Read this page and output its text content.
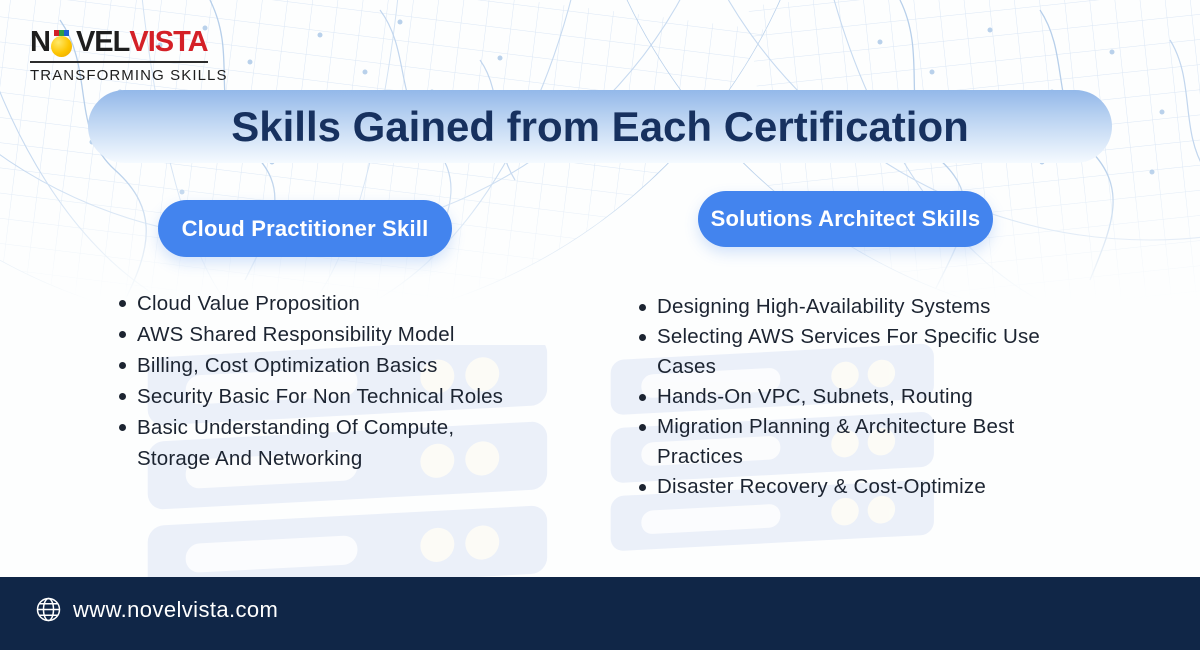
N VEL VISTA
TRANSFORMING SKILLS
Skills Gained from Each Certification
Cloud Practitioner Skill	Solutions Architect Skills
Cloud Value Proposition
AWS Shared Responsibility Model
Billing, Cost Optimization Basics
Security Basic For Non Technical Roles
Basic Understanding Of Compute, Storage And Networking
Designing High-Availability Systems
Selecting AWS Services For Specific Use Cases
Hands-On VPC, Subnets, Routing
Migration Planning & Architecture Best Practices
Disaster Recovery & Cost-Optimize
www.novelvista.com
